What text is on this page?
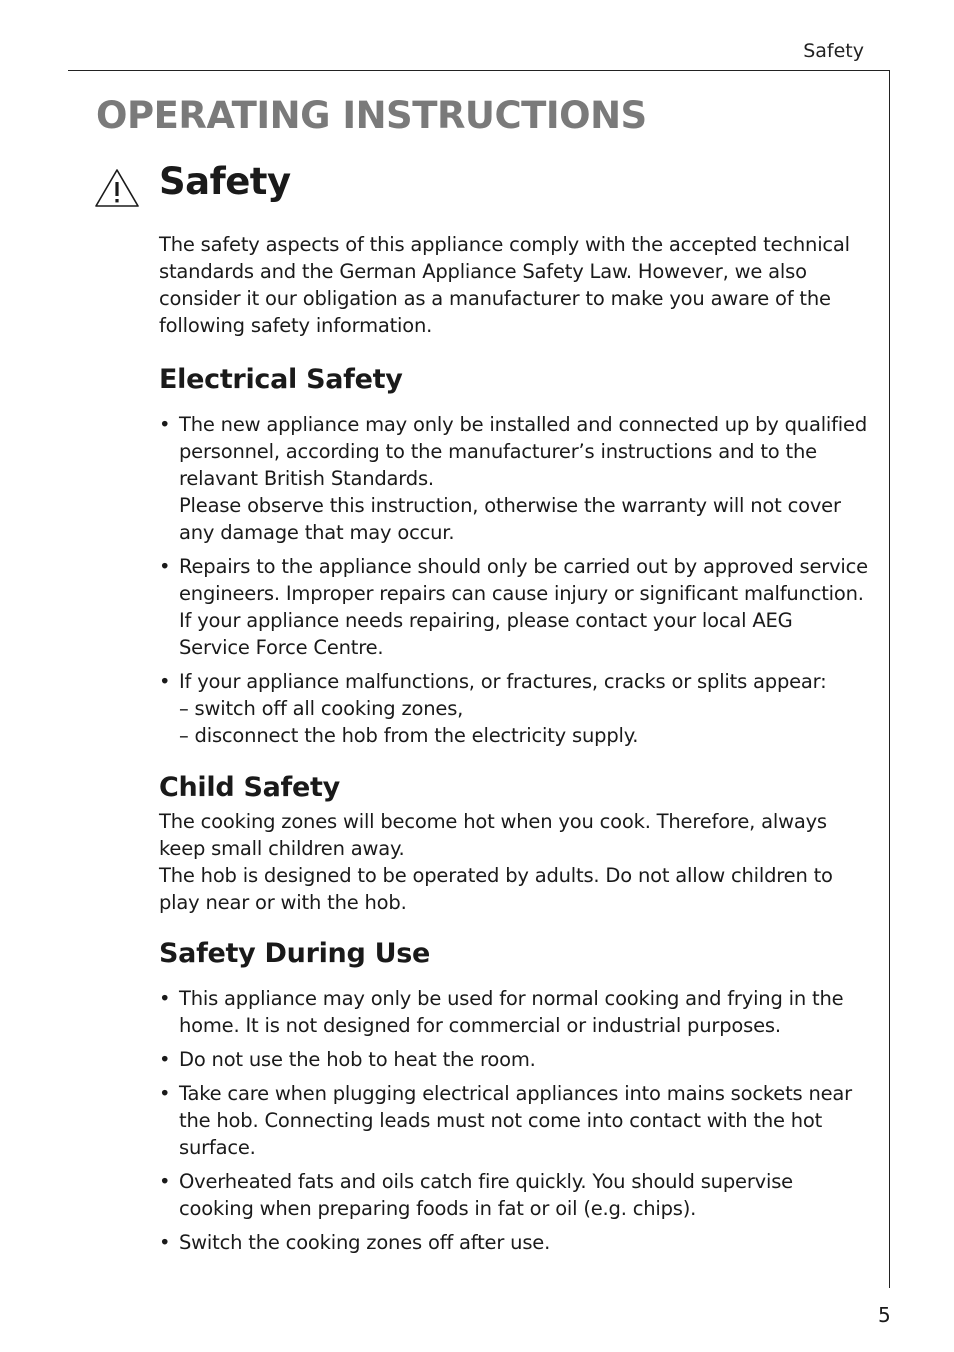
Safety
OPERATING INSTRUCTIONS
Safety

The safety aspects of this appliance comply with the accepted technical standards and the German Appliance Safety Law. However, we also consider it our obligation as a manufacturer to make you aware of the following safety information.

Electrical Safety
• The new appliance may only be installed and connected up by qualified personnel, according to the manufacturer’s instructions and to the relavant British Standards.
Please observe this instruction, otherwise the warranty will not cover any damage that may occur.
• Repairs to the appliance should only be carried out by approved service engineers. Improper repairs can cause injury or significant malfunction. If your appliance needs repairing, please contact your local AEG Service Force Centre.
• If your appliance malfunctions, or fractures, cracks or splits appear:
– switch off all cooking zones,
– disconnect the hob from the electricity supply.
Child Safety

The cooking zones will become hot when you cook. Therefore, always keep small children away.

The hob is designed to be operated by adults. Do not allow children to play near or with the hob.

Safety During Use
• This appliance may only be used for normal cooking and frying in the home. It is not designed for commercial or industrial purposes.
• Do not use the hob to heat the room.
• Take care when plugging electrical appliances into mains sockets near the hob. Connecting leads must not come into contact with the hot surface.
• Overheated fats and oils catch fire quickly. You should supervise cooking when preparing foods in fat or oil (e.g. chips).
• Switch the cooking zones off after use.
5
